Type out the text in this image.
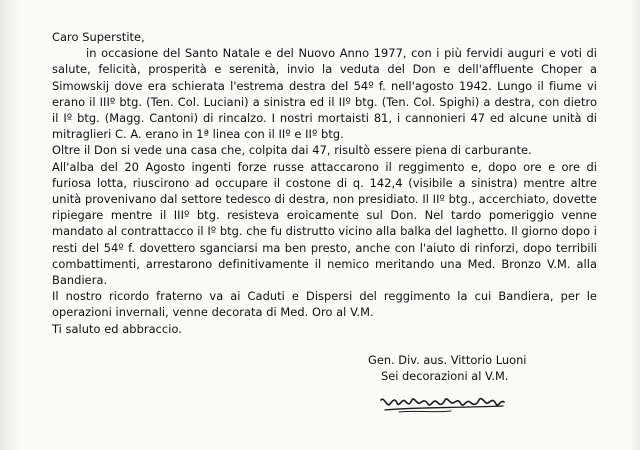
Caro Superstite,

in occasione del Santo Natale e del Nuovo Anno 1977, con i più fervidi auguri e voti di salute, felicità, prosperità e serenità, invio la veduta del Don e dell'affluente Choper a Simowskij dove era schierata l'estrema destra del 54º f. nell'agosto 1942. Lungo il fiume vi erano il IIIº btg. (Ten. Col. Luciani) a sinistra ed il IIº btg. (Ten. Col. Spighi) a destra, con dietro il Iº btg. (Magg. Cantoni) di rincalzo. I nostri mortaisti 81, i cannonieri 47 ed alcune unità di mitraglieri C. A. erano in 1ª linea con il IIº e IIº btg.

Oltre il Don si vede una casa che, colpita dai 47, risultò essere piena di carburante.

All'alba del 20 Agosto ingenti forze russe attaccarono il reggimento e, dopo ore e ore di furiosa lotta, riuscirono ad occupare il costone di q. 142,4 (visibile a sinistra) mentre altre unità provenivano dal settore tedesco di destra, non presidiato. Il IIº btg., accerchiato, dovette ripiegare mentre il IIIº btg. resisteva eroicamente sul Don. Nel tardo pomeriggio venne mandato al contrattacco il Iº btg. che fu distrutto vicino alla balka del laghetto. Il giorno dopo i resti del 54º f. dovettero sganciarsi ma ben presto, anche con l'aiuto di rinforzi, dopo terribili combattimenti, arrestarono definitivamente il nemico meritando una Med. Bronzo V.M. alla Bandiera.

Il nostro ricordo fraterno va ai Caduti e Dispersi del reggimento la cui Bandiera, per le operazioni invernali, venne decorata di Med. Oro al V.M.

Ti saluto ed abbraccio.

Gen. Div. aus. Vittorio Luoni
Sei decorazioni al V.M.
